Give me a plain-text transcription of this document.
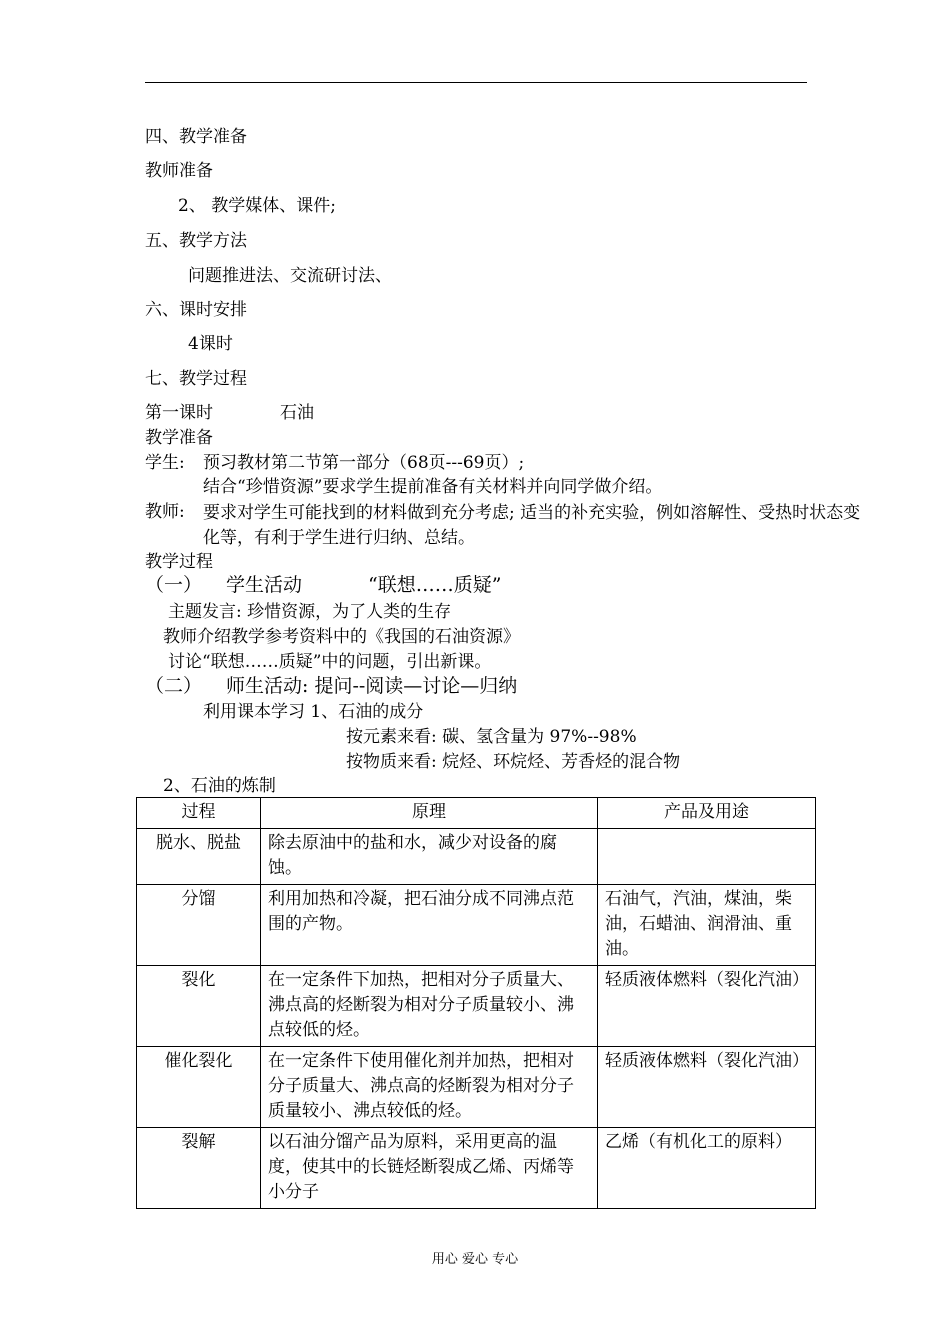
四、教学准备
教师准备
2、 教学媒体、课件;
五、教学方法
问题推进法、交流研讨法、
六、课时安排
4课时
七、教学过程
第一课时	石油
教学准备
学生: 预习教材第二节第一部分（68页---69页）;
结合“珍惜资源”要求学生提前准备有关材料并向同学做介绍。
教师: 要求对学生可能找到的材料做到充分考虑; 适当的补充实验，例如溶解性、受热时状态变化等，有利于学生进行归纳、总结。
教学过程
（一） 学生活动	“联想……质疑”
主题发言: 珍惜资源，为了人类的生存
教师介绍教学参考资料中的《我国的石油资源》
讨论“联想……质疑”中的问题，引出新课。
（二） 师生活动: 提问--阅读—讨论—归纳
利用课本学习 1、石油的成分
按元素来看: 碳、氢含量为 97%--98%
按物质来看: 烷烃、环烷烃、芳香烃的混合物
2、石油的炼制
过程	原理	产品及用途
脱水、脱盐	除去原油中的盐和水，减少对设备的腐蚀。	
分馏	利用加热和冷凝，把石油分成不同沸点范围的产物。	石油气，汽油，煤油，柴油，石蜡油、润滑油、重油。
裂化	在一定条件下加热，把相对分子质量大、沸点高的烃断裂为相对分子质量较小、沸点较低的烃。	轻质液体燃料（裂化汽油）
催化裂化	在一定条件下使用催化剂并加热，把相对分子质量大、沸点高的烃断裂为相对分子质量较小、沸点较低的烃。	轻质液体燃料（裂化汽油）
裂解	以石油分馏产品为原料，采用更高的温度，使其中的长链烃断裂成乙烯、丙烯等小分子	乙烯（有机化工的原料）
用心 爱心 专心
